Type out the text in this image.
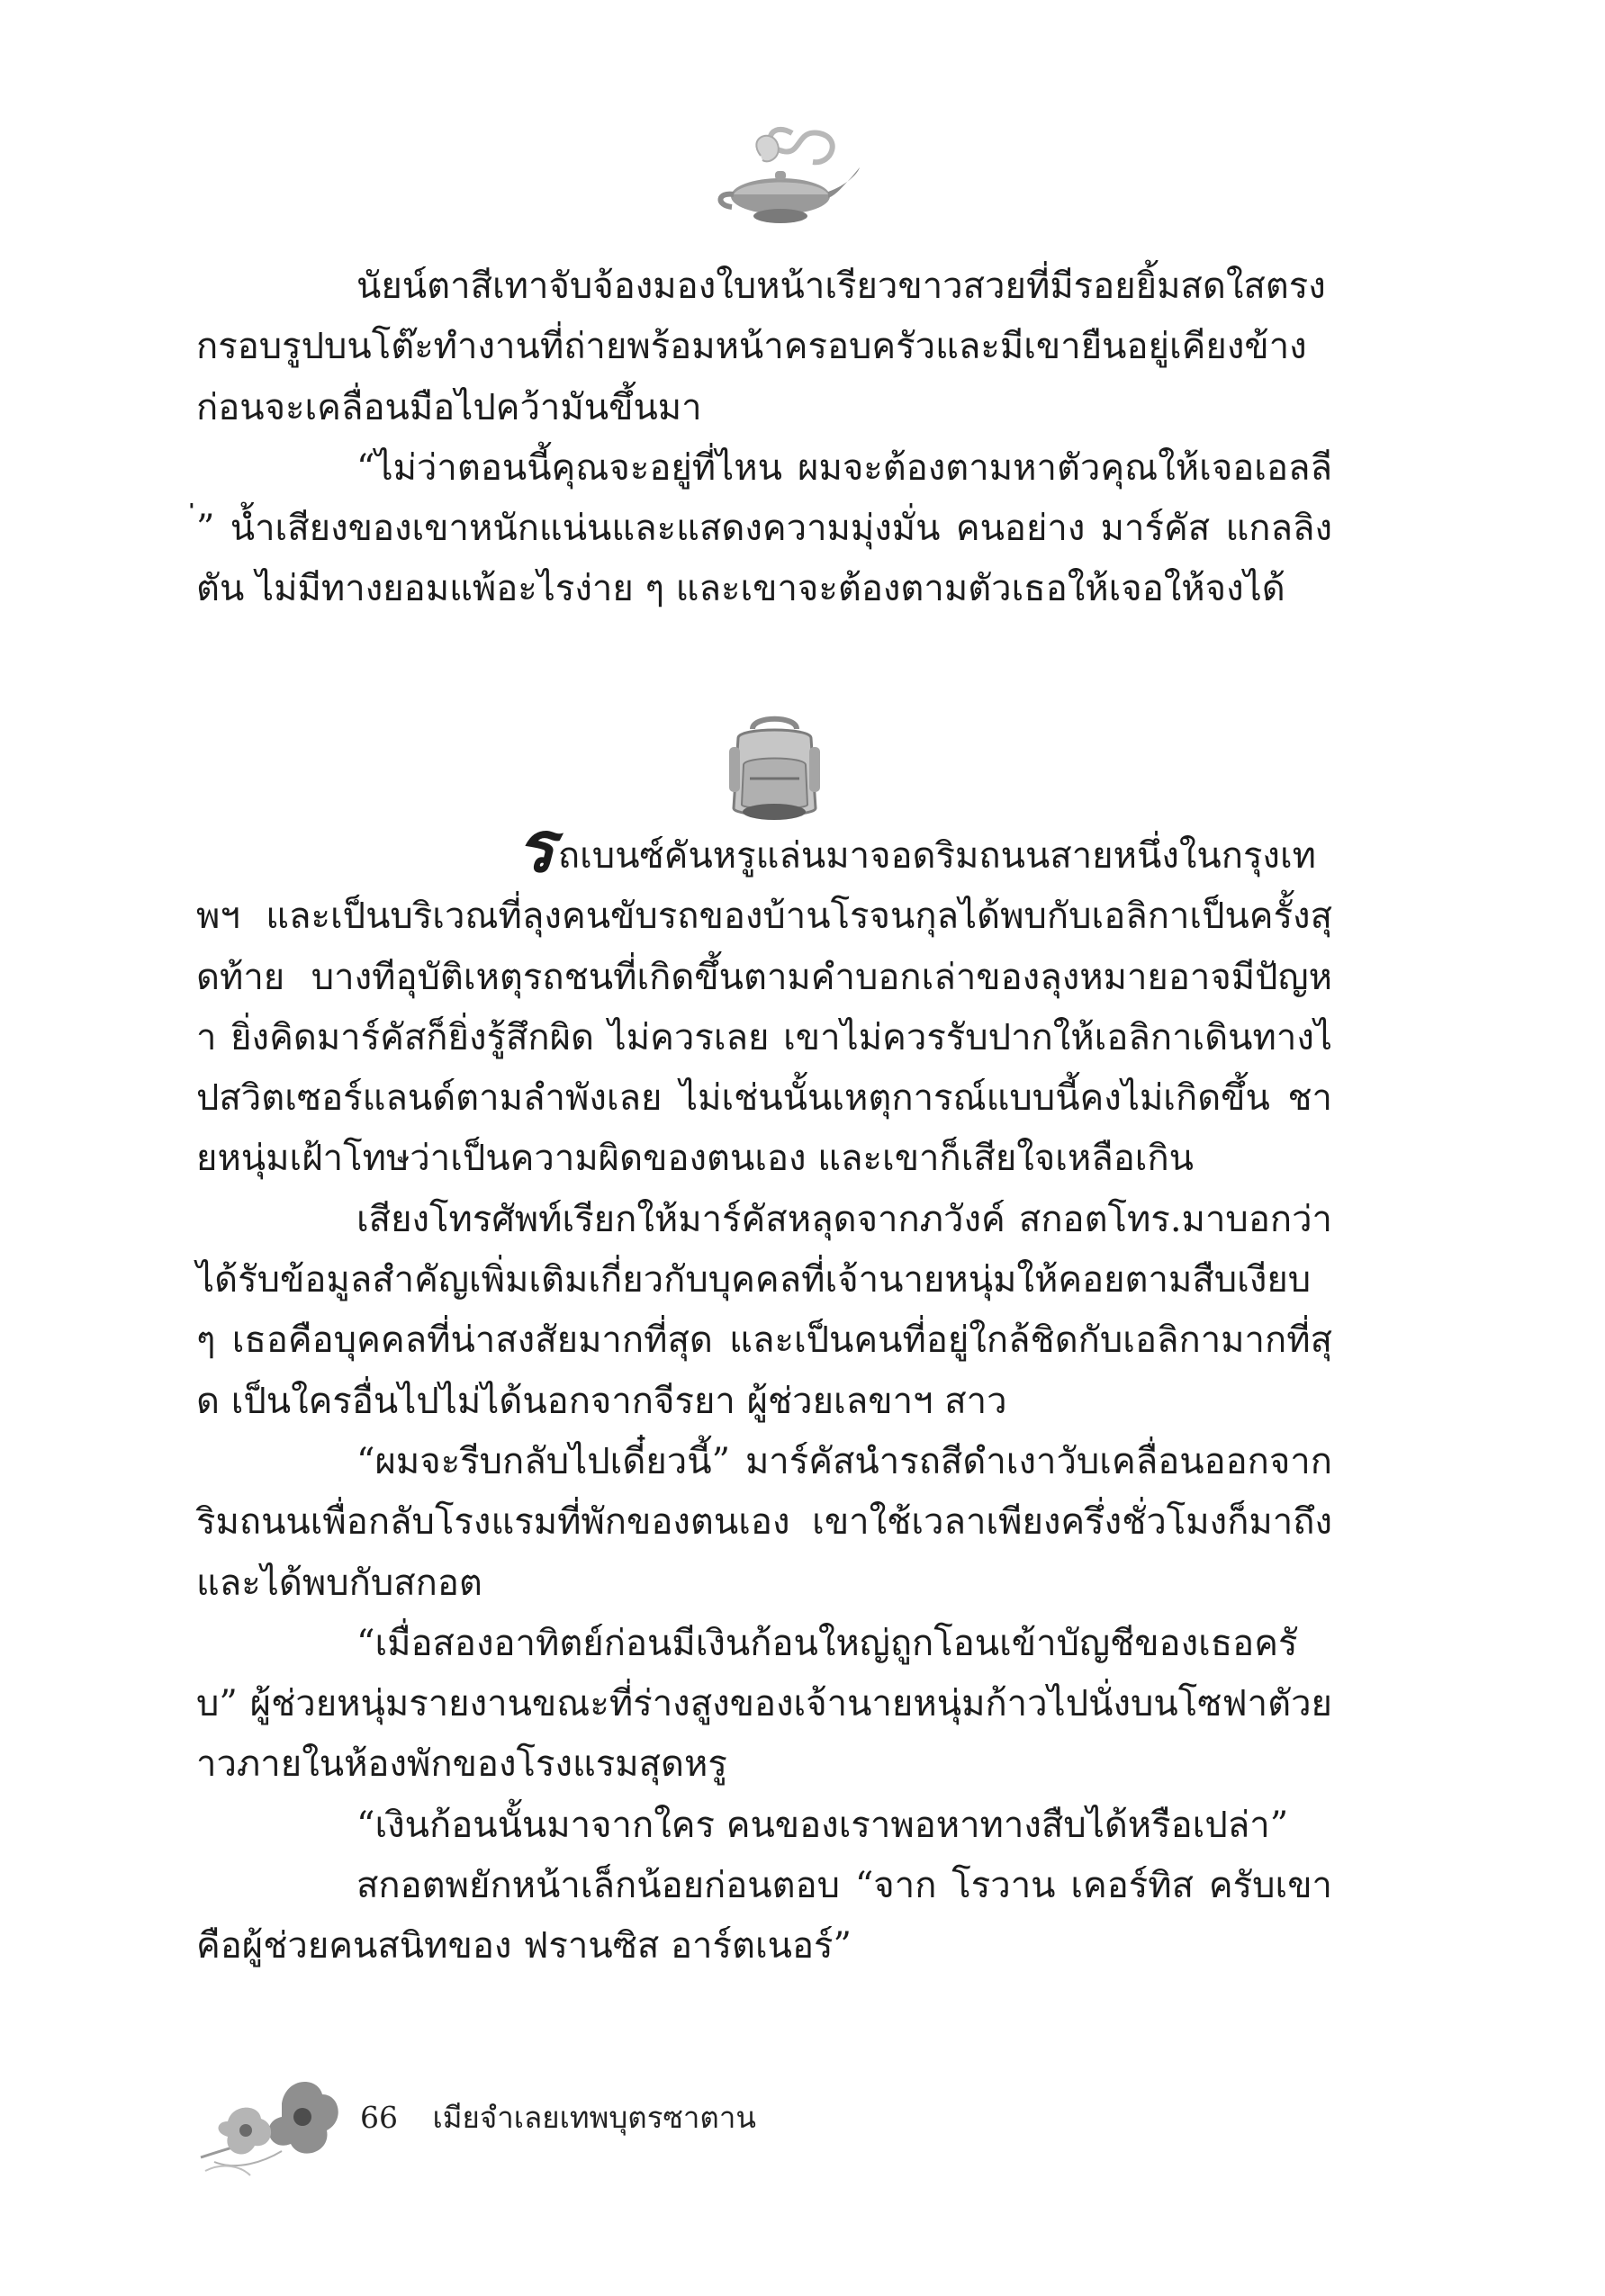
นัยน์ตาสีเทาจับจ้องมองใบหน้าเรียวขาวสวยที่มีรอยยิ้มสดใสตรงกรอบรูปบนโต๊ะทำงานที่ถ่ายพร้อมหน้าครอบครัวและมีเขายืนอยู่เคียงข้าง ก่อนจะเคลื่อนมือไปคว้ามันขึ้นมา

“ไม่ว่าตอนนี้คุณจะอยู่ที่ไหน ผมจะต้องตามหาตัวคุณให้เจอเอลลี่” น้ำเสียงของเขาหนักแน่นและแสดงความมุ่งมั่น คนอย่าง มาร์คัส แกลลิงตัน ไม่มีทางยอมแพ้อะไรง่าย ๆ และเขาจะต้องตามตัวเธอให้เจอให้จงได้

รถเบนซ์คันหรูแล่นมาจอดริมถนนสายหนึ่งในกรุงเทพฯ และเป็นบริเวณที่ลุงคนขับรถของบ้านโรจนกุลได้พบกับเอลิกาเป็นครั้งสุดท้าย บางทีอุบัติเหตุรถชนที่เกิดขึ้นตามคำบอกเล่าของลุงหมายอาจมีปัญหา ยิ่งคิดมาร์คัสก็ยิ่งรู้สึกผิด ไม่ควรเลย เขาไม่ควรรับปากให้เอลิกาเดินทางไปสวิตเซอร์แลนด์ตามลำพังเลย ไม่เช่นนั้นเหตุการณ์แบบนี้คงไม่เกิดขึ้น ชายหนุ่มเฝ้าโทษว่าเป็นความผิดของตนเอง และเขาก็เสียใจเหลือเกิน

เสียงโทรศัพท์เรียกให้มาร์คัสหลุดจากภวังค์ สกอตโทร.มาบอกว่าได้รับข้อมูลสำคัญเพิ่มเติมเกี่ยวกับบุคคลที่เจ้านายหนุ่มให้คอยตามสืบเงียบ ๆ เธอคือบุคคลที่น่าสงสัยมากที่สุด และเป็นคนที่อยู่ใกล้ชิดกับเอลิกามากที่สุด เป็นใครอื่นไปไม่ได้นอกจากจีรยา ผู้ช่วยเลขาฯ สาว

“ผมจะรีบกลับไปเดี๋ยวนี้” มาร์คัสนำรถสีดำเงาวับเคลื่อนออกจากริมถนนเพื่อกลับโรงแรมที่พักของตนเอง เขาใช้เวลาเพียงครึ่งชั่วโมงก็มาถึงและได้พบกับสกอต

“เมื่อสองอาทิตย์ก่อนมีเงินก้อนใหญ่ถูกโอนเข้าบัญชีของเธอครับ” ผู้ช่วยหนุ่มรายงานขณะที่ร่างสูงของเจ้านายหนุ่มก้าวไปนั่งบนโซฟาตัวยาวภายในห้องพักของโรงแรมสุดหรู

“เงินก้อนนั้นมาจากใคร คนของเราพอหาทางสืบได้หรือเปล่า”

สกอตพยักหน้าเล็กน้อยก่อนตอบ “จาก โรวาน เคอร์ทิส ครับเขาคือผู้ช่วยคนสนิทของ ฟรานซิส อาร์ตเนอร์”

66 เมียจำเลยเทพบุตรซาตาน
